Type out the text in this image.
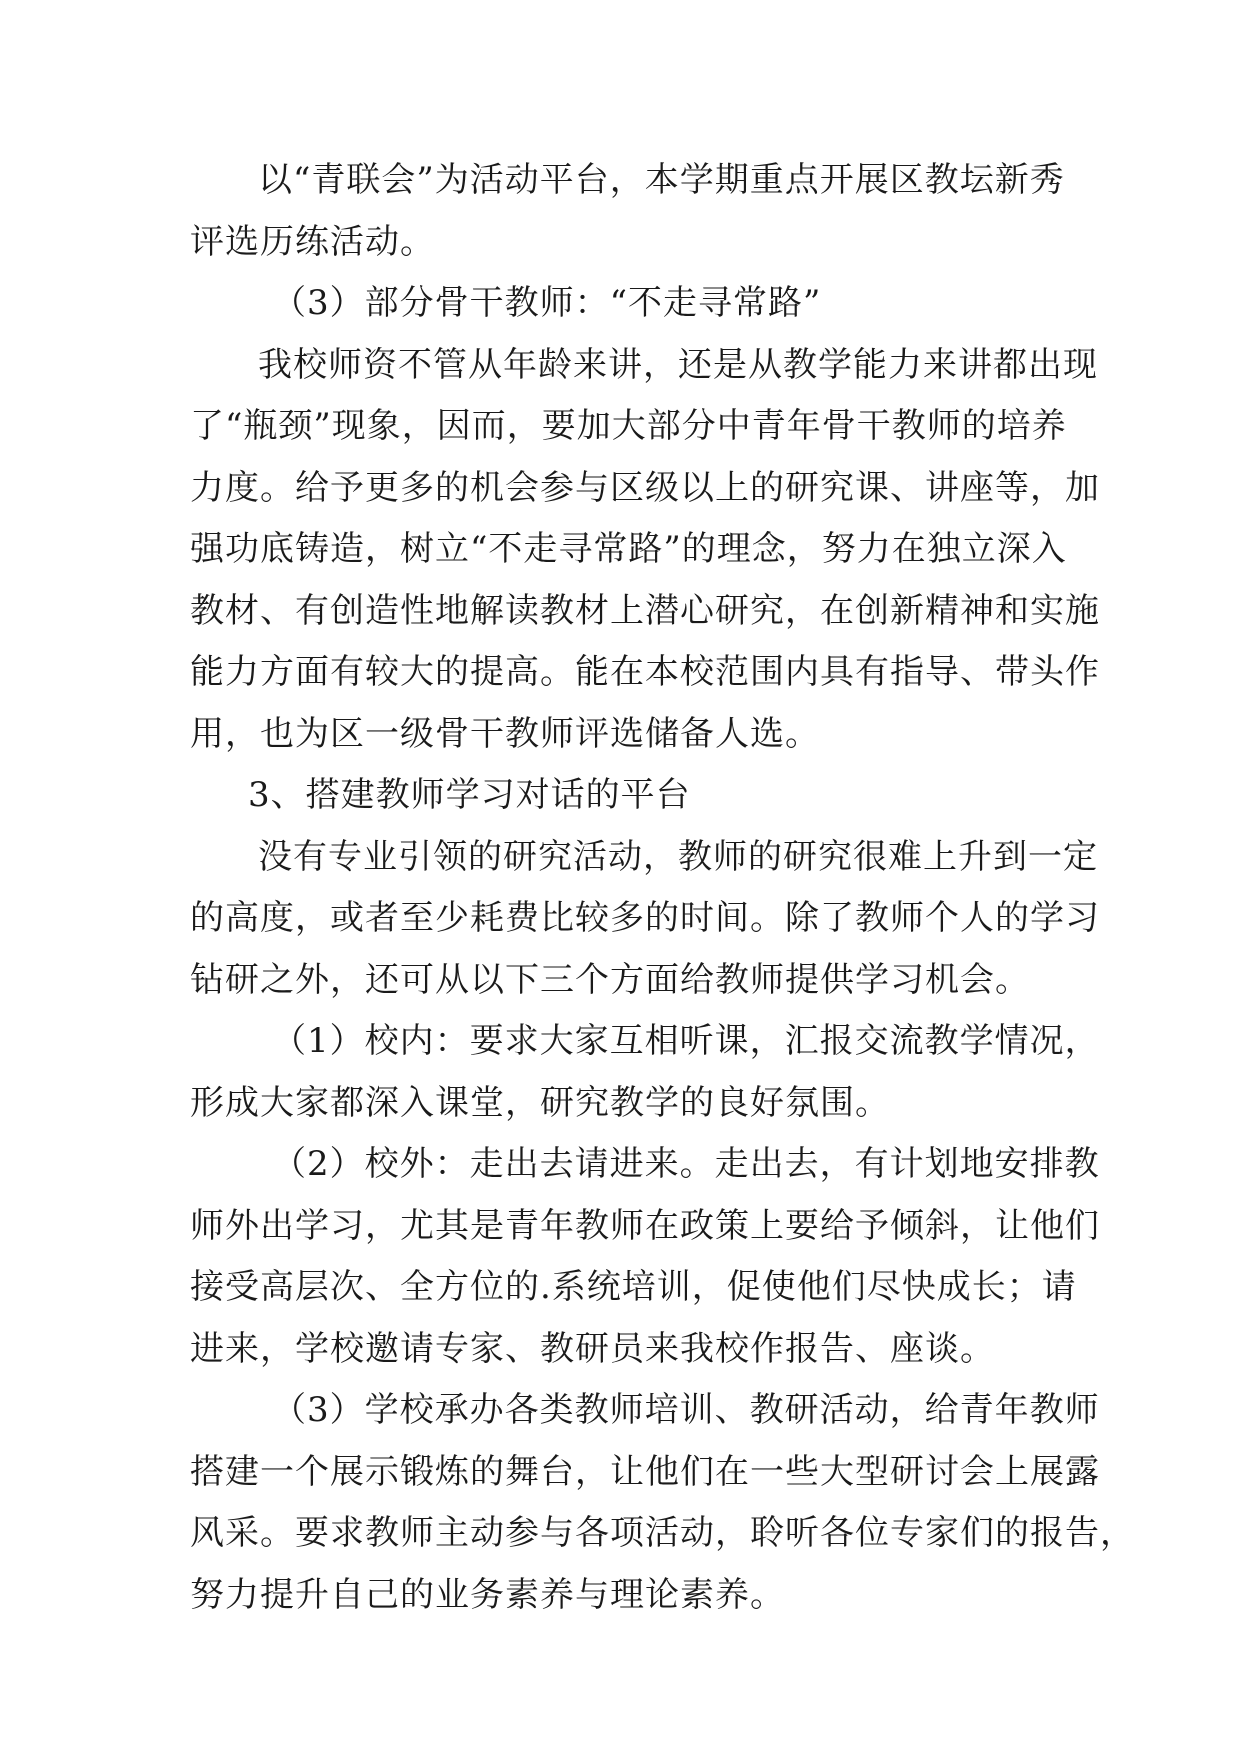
以“青联会”为活动平台，本学期重点开展区教坛新秀
评选历练活动。
（3）部分骨干教师：“不走寻常路”
我校师资不管从年龄来讲，还是从教学能力来讲都出现
了“瓶颈”现象，因而，要加大部分中青年骨干教师的培养
力度。给予更多的机会参与区级以上的研究课、讲座等，加
强功底铸造，树立“不走寻常路”的理念，努力在独立深入
教材、有创造性地解读教材上潜心研究，在创新精神和实施
能力方面有较大的提高。能在本校范围内具有指导、带头作
用，也为区一级骨干教师评选储备人选。
3、搭建教师学习对话的平台
没有专业引领的研究活动，教师的研究很难上升到一定
的高度，或者至少耗费比较多的时间。除了教师个人的学习
钻研之外，还可从以下三个方面给教师提供学习机会。
（1）校内：要求大家互相听课，汇报交流教学情况，
形成大家都深入课堂，研究教学的良好氛围。
（2）校外：走出去请进来。走出去，有计划地安排教
师外出学习，尤其是青年教师在政策上要给予倾斜，让他们
接受高层次、全方位的.系统培训，促使他们尽快成长；请
进来，学校邀请专家、教研员来我校作报告、座谈。
（3）学校承办各类教师培训、教研活动，给青年教师
搭建一个展示锻炼的舞台，让他们在一些大型研讨会上展露
风采。要求教师主动参与各项活动，聆听各位专家们的报告，
努力提升自己的业务素养与理论素养。
